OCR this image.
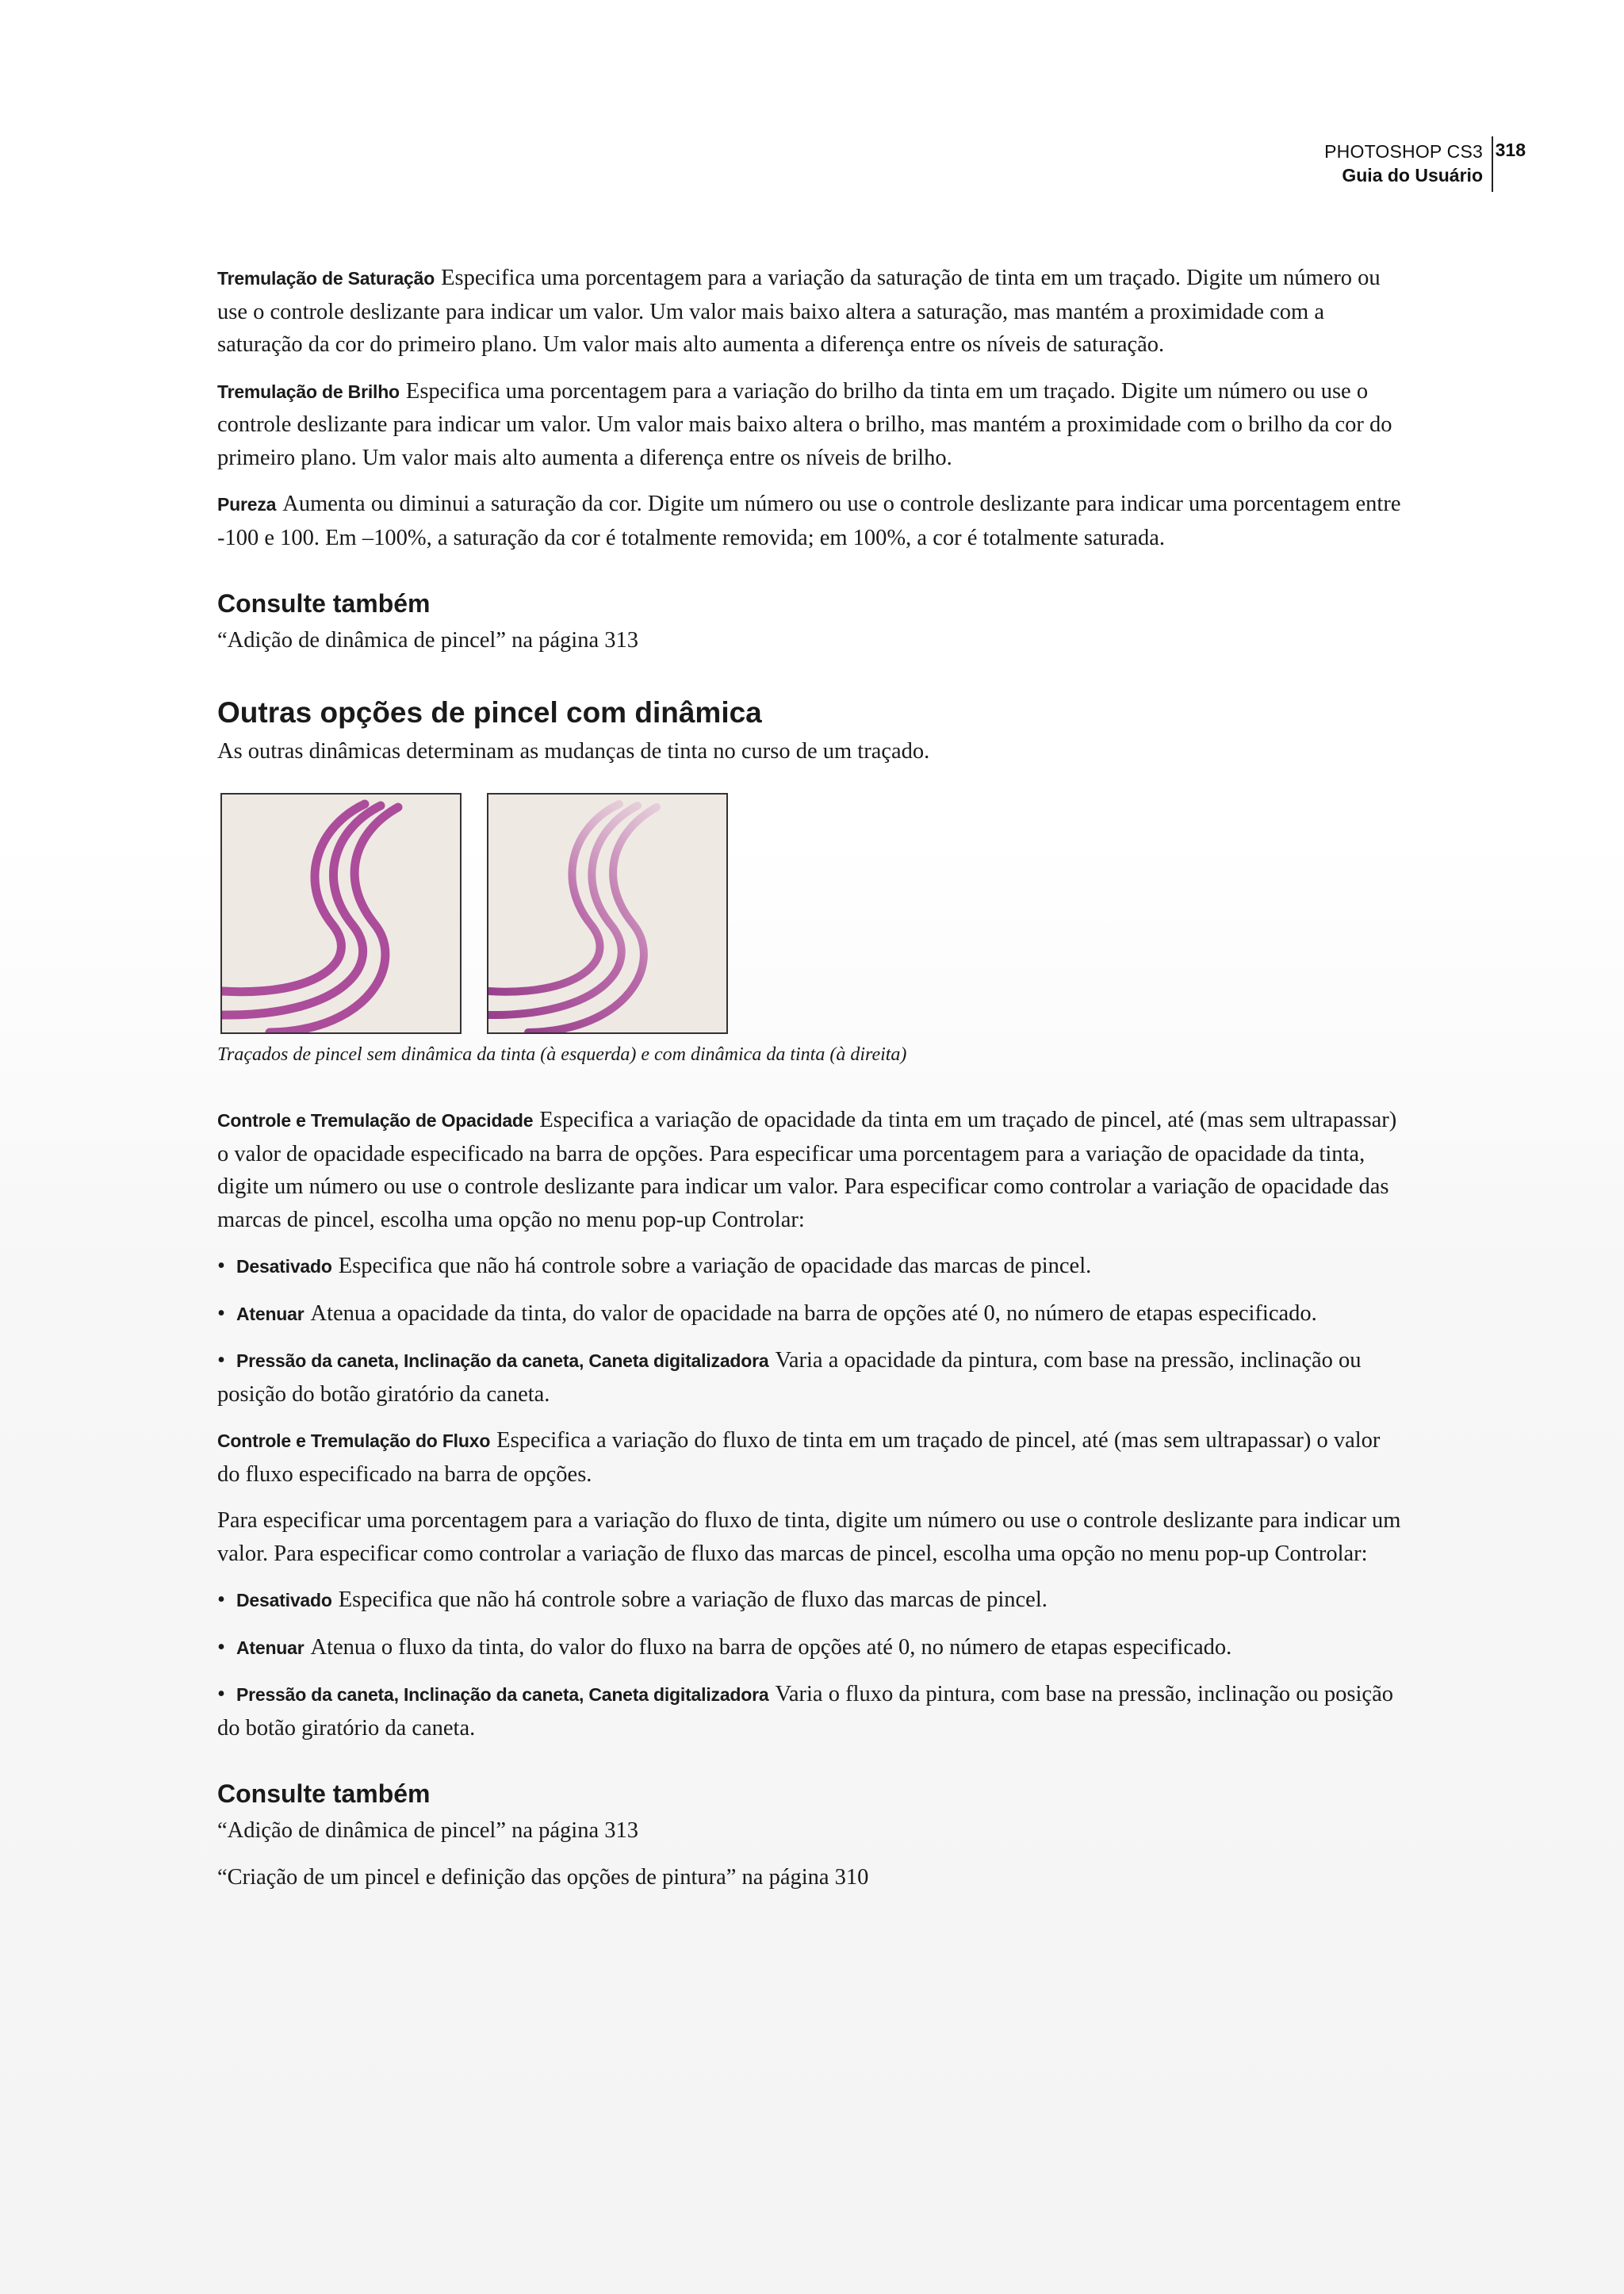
PHOTOSHOP CS3
Guia do Usuário
318

Tremulação de Saturação Especifica uma porcentagem para a variação da saturação de tinta em um traçado. Digite um número ou use o controle deslizante para indicar um valor. Um valor mais baixo altera a saturação, mas mantém a proximidade com a saturação da cor do primeiro plano. Um valor mais alto aumenta a diferença entre os níveis de saturação.

Tremulação de Brilho Especifica uma porcentagem para a variação do brilho da tinta em um traçado. Digite um número ou use o controle deslizante para indicar um valor. Um valor mais baixo altera o brilho, mas mantém a proximidade com o brilho da cor do primeiro plano. Um valor mais alto aumenta a diferença entre os níveis de brilho.

Pureza Aumenta ou diminui a saturação da cor. Digite um número ou use o controle deslizante para indicar uma porcentagem entre -100 e 100. Em –100%, a saturação da cor é totalmente removida; em 100%, a cor é totalmente saturada.

Consulte também

“Adição de dinâmica de pincel” na página 313

Outras opções de pincel com dinâmica

As outras dinâmicas determinam as mudanças de tinta no curso de um traçado.

Traçados de pincel sem dinâmica da tinta (à esquerda) e com dinâmica da tinta (à direita)

Controle e Tremulação de Opacidade Especifica a variação de opacidade da tinta em um traçado de pincel, até (mas sem ultrapassar) o valor de opacidade especificado na barra de opções. Para especificar uma porcentagem para a variação de opacidade da tinta, digite um número ou use o controle deslizante para indicar um valor. Para especificar como controlar a variação de opacidade das marcas de pincel, escolha uma opção no menu pop-up Controlar:

• Desativado Especifica que não há controle sobre a variação de opacidade das marcas de pincel.

• Atenuar Atenua a opacidade da tinta, do valor de opacidade na barra de opções até 0, no número de etapas especificado.

• Pressão da caneta, Inclinação da caneta, Caneta digitalizadora Varia a opacidade da pintura, com base na pressão, inclinação ou posição do botão giratório da caneta.

Controle e Tremulação do Fluxo Especifica a variação do fluxo de tinta em um traçado de pincel, até (mas sem ultrapassar) o valor do fluxo especificado na barra de opções.

Para especificar uma porcentagem para a variação do fluxo de tinta, digite um número ou use o controle deslizante para indicar um valor. Para especificar como controlar a variação de fluxo das marcas de pincel, escolha uma opção no menu pop-up Controlar:

• Desativado Especifica que não há controle sobre a variação de fluxo das marcas de pincel.

• Atenuar Atenua o fluxo da tinta, do valor do fluxo na barra de opções até 0, no número de etapas especificado.

• Pressão da caneta, Inclinação da caneta, Caneta digitalizadora Varia o fluxo da pintura, com base na pressão, inclinação ou posição do botão giratório da caneta.

Consulte também

“Adição de dinâmica de pincel” na página 313

“Criação de um pincel e definição das opções de pintura” na página 310
